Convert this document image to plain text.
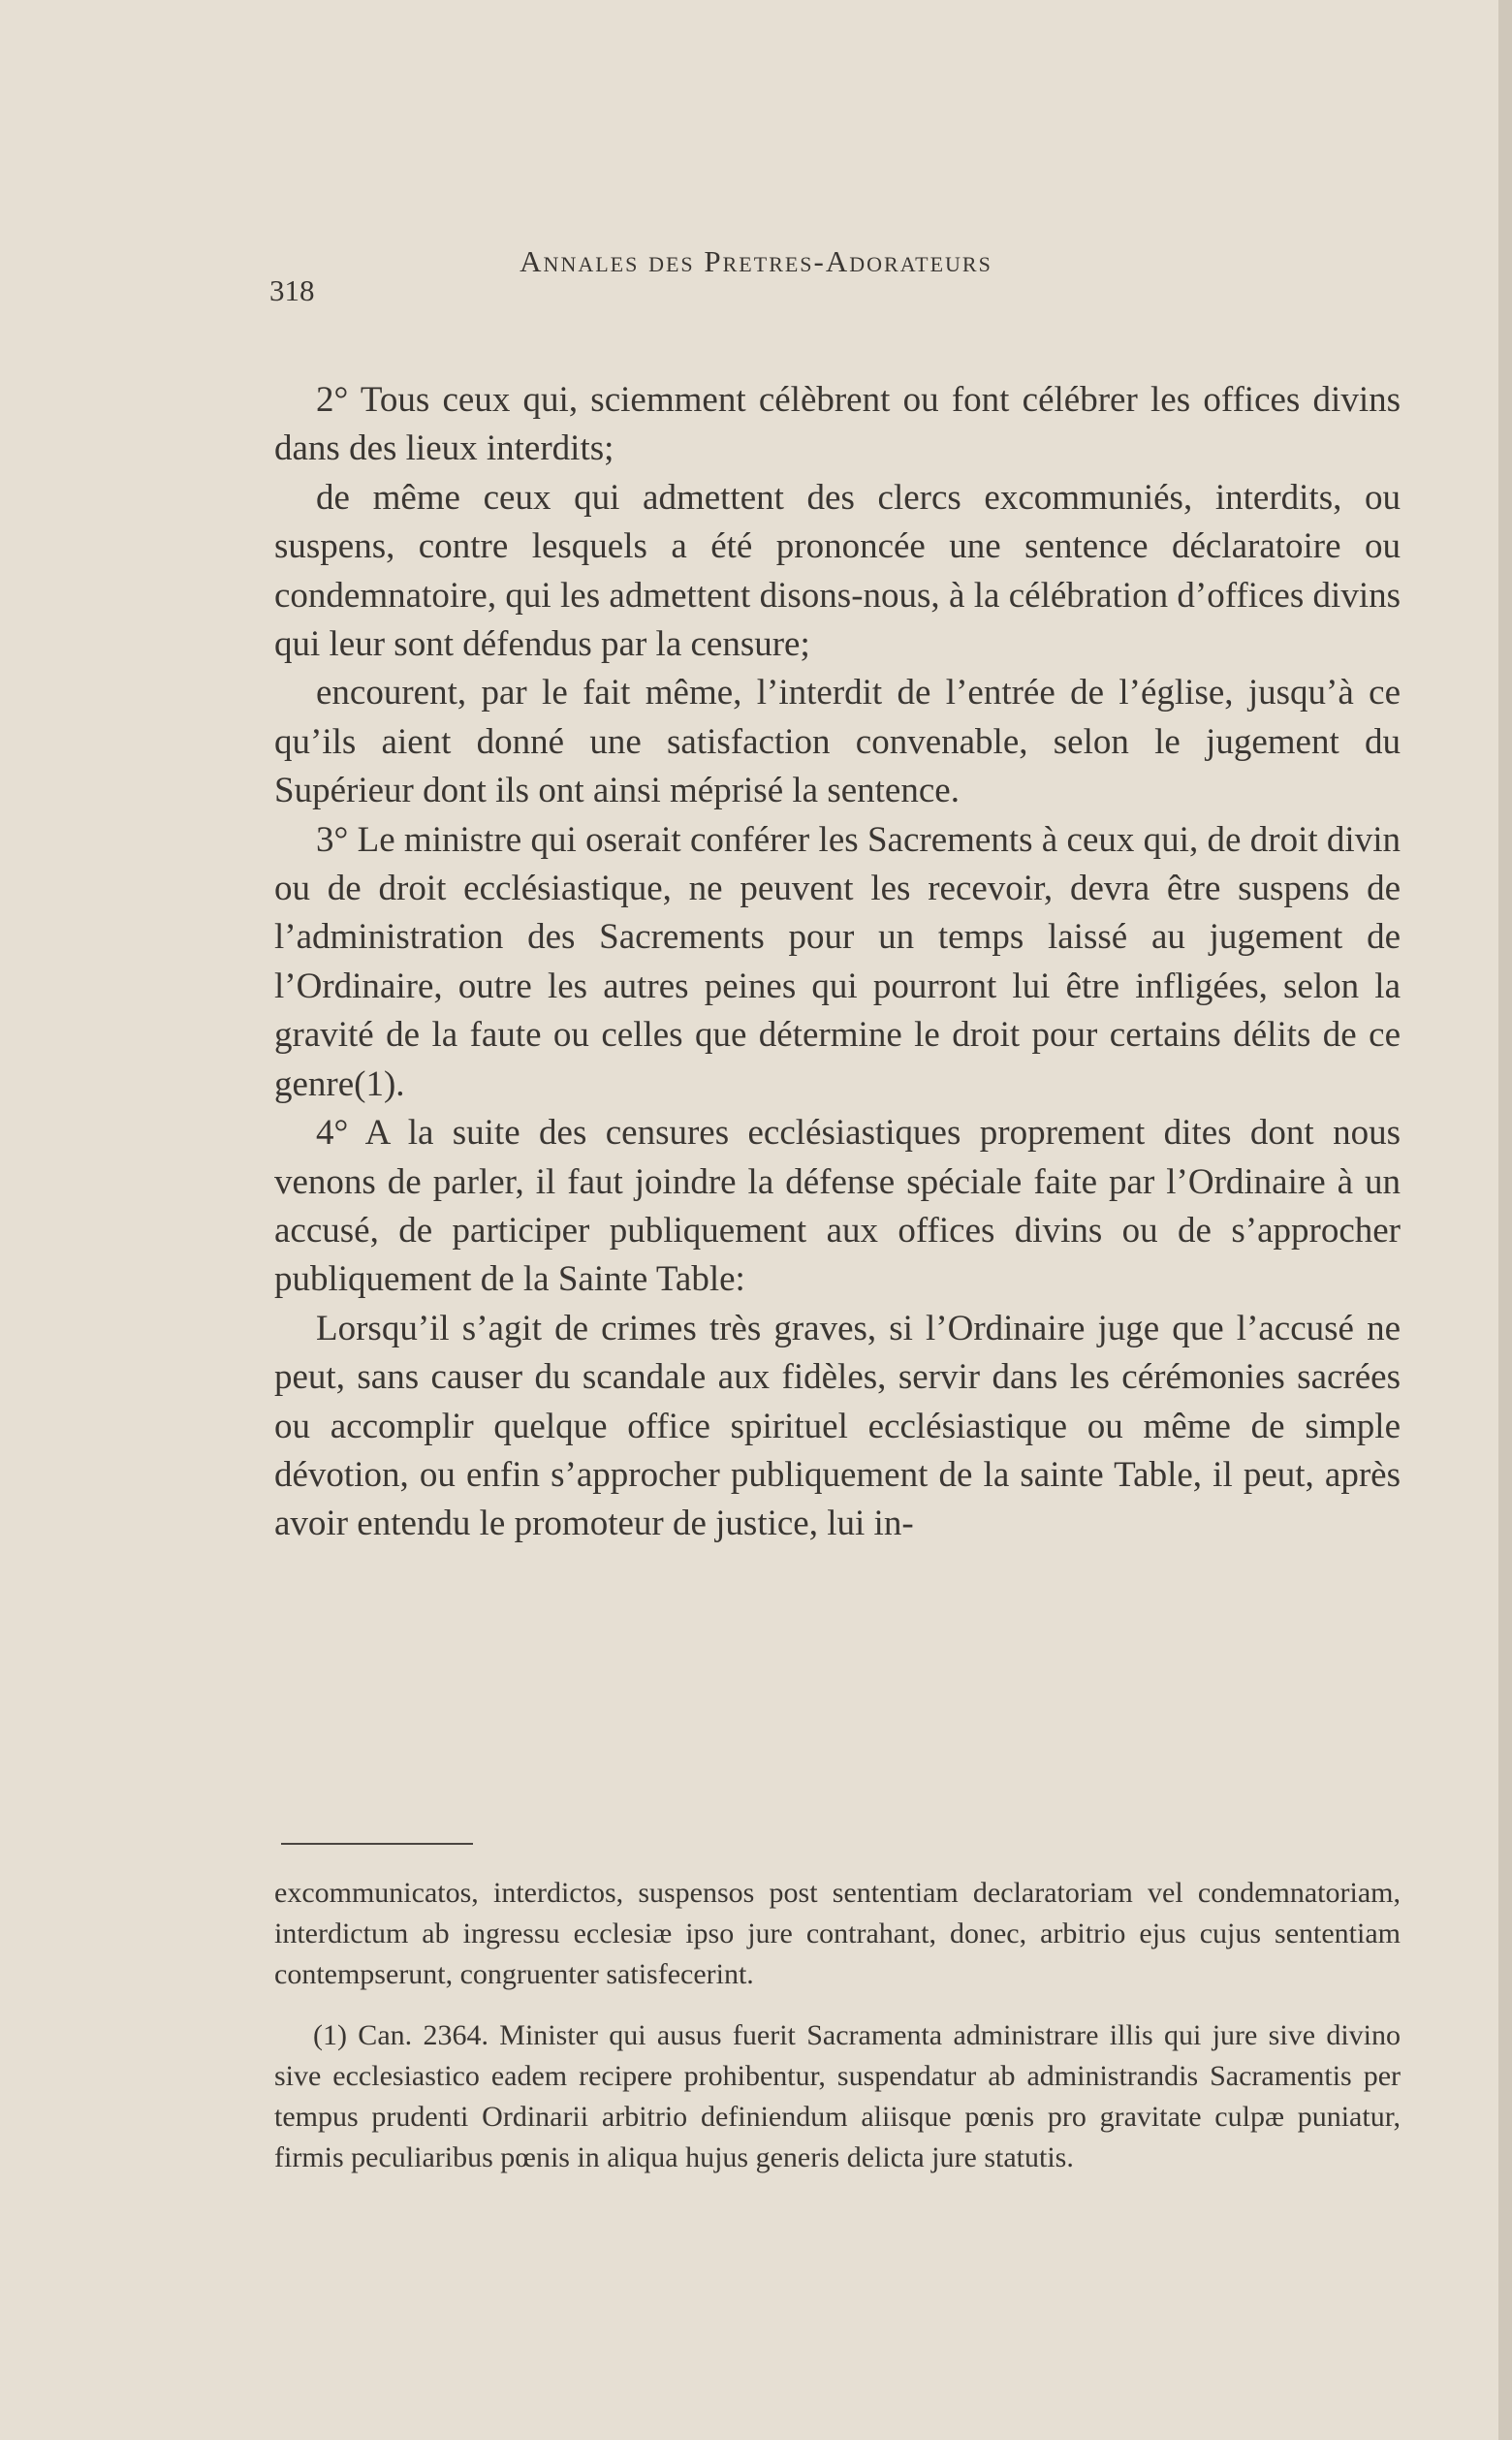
Annales des Pretres-Adorateurs
318

2° Tous ceux qui, sciemment célèbrent ou font célébrer les offices divins dans des lieux interdits;

de même ceux qui admettent des clercs excommuniés, interdits, ou suspens, contre lesquels a été prononcée une sentence déclaratoire ou condemnatoire, qui les admettent disons-nous, à la célébration d’offices divins qui leur sont défendus par la censure;

encourent, par le fait même, l’interdit de l’entrée de l’église, jusqu’à ce qu’ils aient donné une satisfaction convenable, selon le jugement du Supérieur dont ils ont ainsi méprisé la sentence.

3° Le ministre qui oserait conférer les Sacrements à ceux qui, de droit divin ou de droit ecclésiastique, ne peuvent les recevoir, devra être suspens de l’administration des Sacrements pour un temps laissé au jugement de l’Ordinaire, outre les autres peines qui pourront lui être infligées, selon la gravité de la faute ou celles que détermine le droit pour certains délits de ce genre(1).

4° A la suite des censures ecclésiastiques proprement dites dont nous venons de parler, il faut joindre la défense spéciale faite par l’Ordinaire à un accusé, de participer publiquement aux offices divins ou de s’approcher publiquement de la Sainte Table:

Lorsqu’il s’agit de crimes très graves, si l’Ordinaire juge que l’accusé ne peut, sans causer du scandale aux fidèles, servir dans les cérémonies sacrées ou accomplir quelque office spirituel ecclésiastique ou même de simple dévotion, ou enfin s’approcher publiquement de la sainte Table, il peut, après avoir entendu le promoteur de justice, lui in-

excommunicatos, interdictos, suspensos post sententiam declaratoriam vel condemnatoriam, interdictum ab ingressu ecclesiæ ipso jure contrahant, donec, arbitrio ejus cujus sententiam contempserunt, congruenter satisfecerint.

(1) Can. 2364. Minister qui ausus fuerit Sacramenta administrare illis qui jure sive divino sive ecclesiastico eadem recipere prohibentur, suspendatur ab administrandis Sacramentis per tempus prudenti Ordinarii arbitrio definiendum aliisque pœnis pro gravitate culpæ puniatur, firmis peculiaribus pœnis in aliqua hujus generis delicta jure statutis.
